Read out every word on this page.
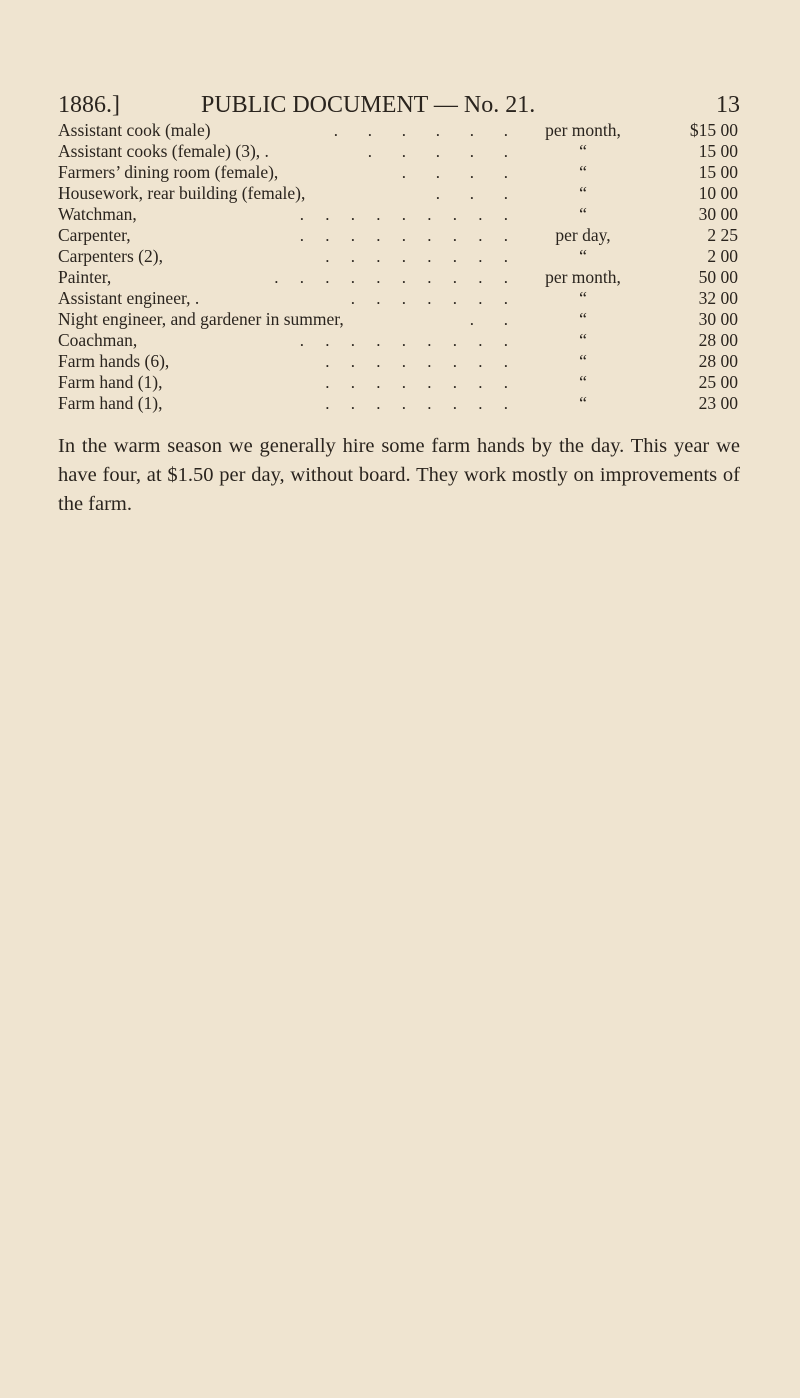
1886.]	PUBLIC DOCUMENT — No. 21.	13
Assistant cook (male)	.       .       .       .       .       .	per month,	$15 00
Assistant cooks (female) (3), .	.       .       .       .       .	“	15 00
Farmers’ dining room (female),	.       .       .       .	“	15 00
Housework, rear building (female),	.       .       .	“	10 00
Watchman,	.     .     .     .     .     .     .     .     .	“	30 00
Carpenter,	.     .     .     .     .     .     .     .     .	per day,	2 25
Carpenters (2),	.     .     .     .     .     .     .     .	“	2 00
Painter,	.     .     .     .     .     .     .     .     .     .	per month,	50 00
Assistant engineer, .	.     .     .     .     .     .     .	“	32 00
Night engineer, and gardener in summer,	.       .	“	30 00
Coachman,	.     .     .     .     .     .     .     .     .	“	28 00
Farm hands (6),	.     .     .     .     .     .     .     .	“	28 00
Farm hand (1),	.     .     .     .     .     .     .     .	“	25 00
Farm hand (1),	.     .     .     .     .     .     .     .	“	23 00
In the warm season we generally hire some farm hands by the day. This year we have four, at $1.50 per day, without board. They work mostly on improvements of the farm.
